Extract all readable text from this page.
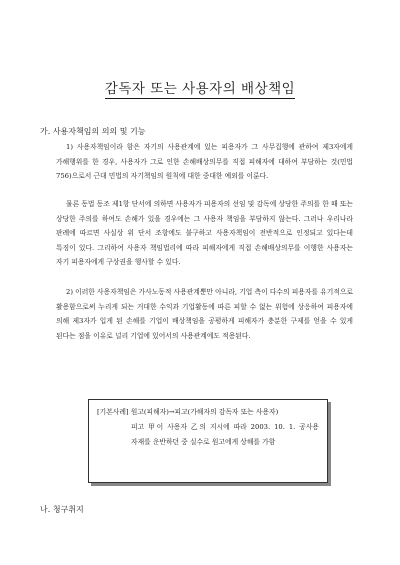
감독자 또는 사용자의 배상책임
가. 사용자책임의 의의 및 기능
1) 사용자책임이라 함은 자기의 사용관계에 있는 피용자가 그 사무집행에 관하여 제3자에게 가해행위를 한 경우, 사용자가 그로 인한 손해배상의무를 직접 피해자에 대하여 부담하는 것(민법 756)으로서 근대 민법의 자기책임의 원칙에 대한 중대한 예외를 이룬다.
물론 동법 동조 제1항 단서에 의하면 사용자가 피용자의 선임 및 감독에 상당한 주의를 한 때 또는 상당한 주의를 하여도 손해가 있을 경우에는 그 사용자 책임을 부담하지 않는다. 그러나 우리나라 판례에 따르면 사실상 위 단서 조항에도 불구하고 사용자책임이 전반적으로 인정되고 있다는데 특징이 있다. 그리하여 사용자 책임법리에 따라 피해자에게 직접 손해배상의무를 이행한 사용자는 자기 피용자에게 구상권을 행사할 수 있다.
2) 이러한 사용자책임은 가사노동적 사용관계뿐만 아니라, 기업 측이 다수의 피용자를 유기적으로 활용함으로써 누리게 되는 거대한 수익과 기업활동에 따른 피할 수 없는 위험에 상응하여 피용자에 의해 제3자가 입게 된 손해를 기업이 배상책임을 공평하게 피해자가 충분한 구제를 얻을 수 있게 된다는 점을 이유로 널리 기업에 있어서의 사용관계에도 적용된다.
[기본사례] 원고(피해자)→피고(가해자의 감독자 또는 사용자)
피고 甲이 사용자 乙의 지시에 따라 2003. 10. 1. 공사용 자재를 운반하던 중 실수로 원고에게 상해를 가함
나. 청구취지
